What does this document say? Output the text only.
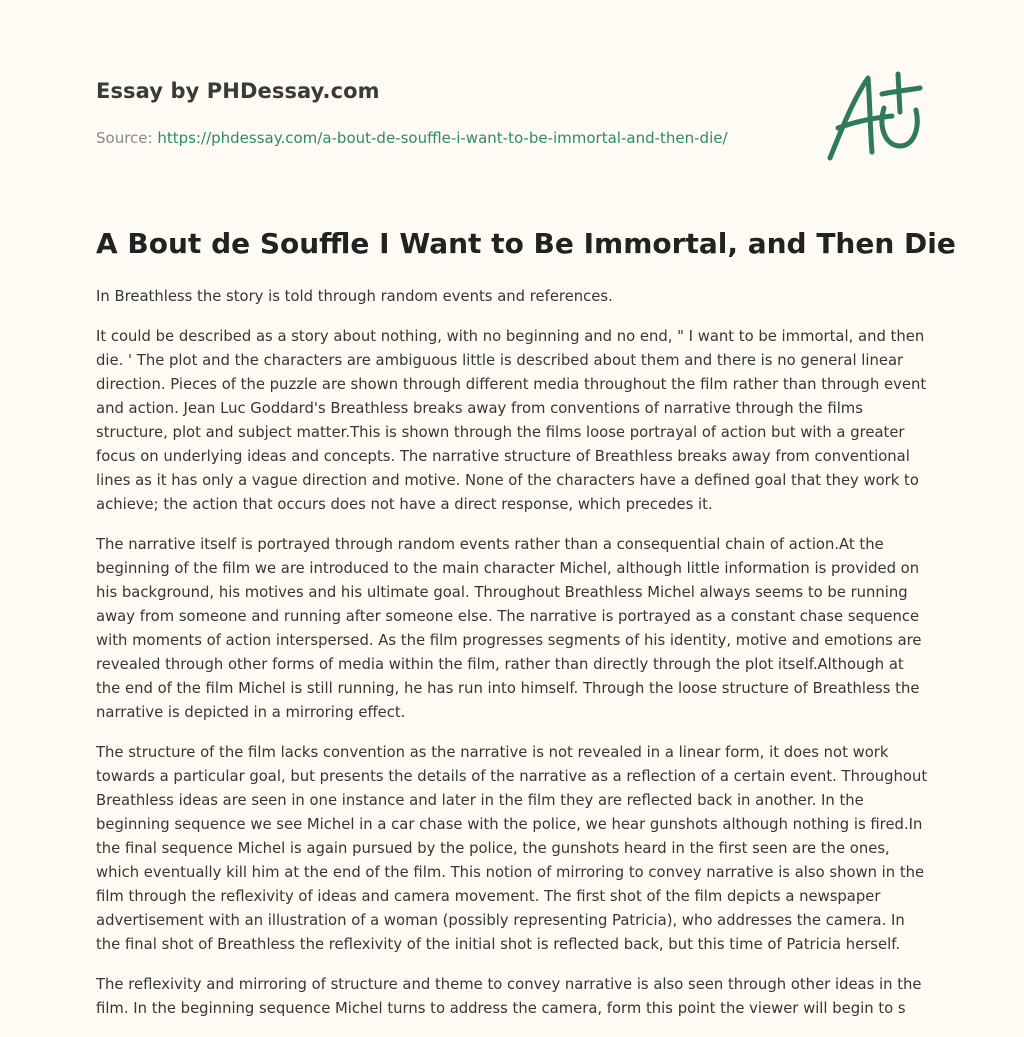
Essay by PHDessay.com
Source: https://phdessay.com/a-bout-de-souffle-i-want-to-be-immortal-and-then-die/
A Bout de Souffle I Want to Be Immortal, and Then Die

In Breathless the story is told through random events and references.

It could be described as a story about nothing, with no beginning and no end, " I want to be immortal, and then die. ' The plot and the characters are ambiguous little is described about them and there is no general linear direction. Pieces of the puzzle are shown through different media throughout the film rather than through event and action. Jean Luc Goddard's Breathless breaks away from conventions of narrative through the films structure, plot and subject matter.This is shown through the films loose portrayal of action but with a greater focus on underlying ideas and concepts. The narrative structure of Breathless breaks away from conventional lines as it has only a vague direction and motive. None of the characters have a defined goal that they work to achieve; the action that occurs does not have a direct response, which precedes it.

The narrative itself is portrayed through random events rather than a consequential chain of action.At the beginning of the film we are introduced to the main character Michel, although little information is provided on his background, his motives and his ultimate goal. Throughout Breathless Michel always seems to be running away from someone and running after someone else. The narrative is portrayed as a constant chase sequence with moments of action interspersed. As the film progresses segments of his identity, motive and emotions are revealed through other forms of media within the film, rather than directly through the plot itself.Although at the end of the film Michel is still running, he has run into himself. Through the loose structure of Breathless the narrative is depicted in a mirroring effect.

The structure of the film lacks convention as the narrative is not revealed in a linear form, it does not work towards a particular goal, but presents the details of the narrative as a reflection of a certain event. Throughout Breathless ideas are seen in one instance and later in the film they are reflected back in another. In the beginning sequence we see Michel in a car chase with the police, we hear gunshots although nothing is fired.In the final sequence Michel is again pursued by the police, the gunshots heard in the first seen are the ones, which eventually kill him at the end of the film. This notion of mirroring to convey narrative is also shown in the film through the reflexivity of ideas and camera movement. The first shot of the film depicts a newspaper advertisement with an illustration of a woman (possibly representing Patricia), who addresses the camera. In the final shot of Breathless the reflexivity of the initial shot is reflected back, but this time of Patricia herself.

The reflexivity and mirroring of structure and theme to convey narrative is also seen through other ideas in the film. In the beginning sequence Michel turns to address the camera, form this point the viewer will begin to s
